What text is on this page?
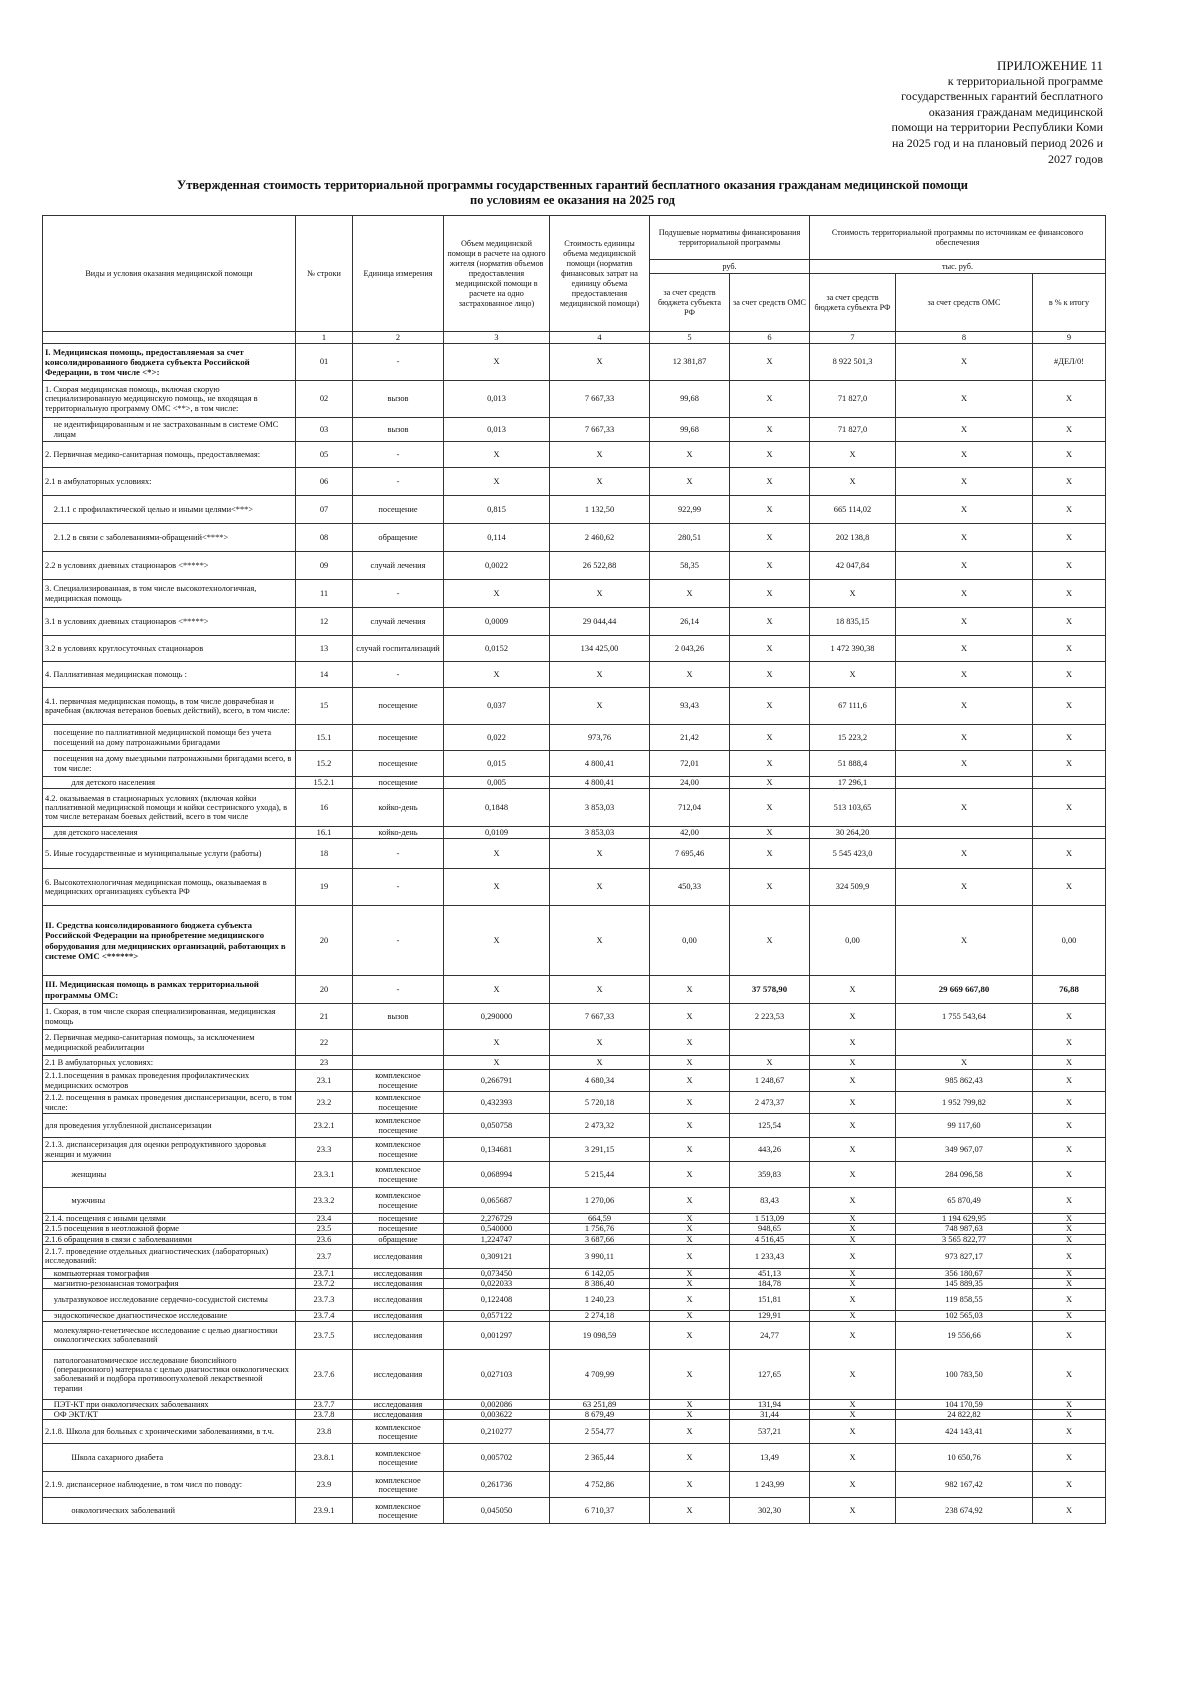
ПРИЛОЖЕНИЕ 11
к территориальной программе
государственных гарантий бесплатного
оказания гражданам медицинской
помощи на территории Республики Коми
на 2025 год и на плановый период 2026 и
2027 годов
Утвержденная стоимость территориальной программы государственных гарантий бесплатного оказания гражданам медицинской помощи
по условиям ее оказания на 2025 год
Виды и условия оказания медицинской помощи	№ строки	Единица измерения	Объем медицинской помощи в расчете на одного жителя (норматив объемов предоставления медицинской помощи в расчете на одно застрахованное лицо)	Стоимость единицы объема медицинской помощи (норматив финансовых затрат на единицу объема предоставления медицинской помощи)	Подушевые нормативы финансирования территориальной программы		Стоимость территориальной программы по источникам ее финансового обеспечения		
					руб.		тыс. руб.		
					за счет средств бюджета субъекта РФ	за счет средств ОМС	за счет средств бюджета субъекта РФ	за счет средств ОМС	в % к итогу
	1	2	3	4	5	6	7	8	9
I. Медицинская помощь, предоставляемая за счет консолидированного бюджета субъекта Российской Федерации, в том числе <*>:	01	-	X	X	12 381,87	X	8 922 501,3	X	#ДЕЛ/0!
1. Скорая медицинская помощь, включая скорую специализированную медицинскую помощь, не входящая в территориальную программу ОМС <**>, в том числе:	02	вызов	0,013	7 667,33	99,68	X	71 827,0	X	X
не идентифицированным и не застрахованным в системе ОМС лицам	03	вызов	0,013	7 667,33	99,68	X	71 827,0	X	X
2. Первичная медико-санитарная помощь, предоставляемая:	05	-	X	X	X	X	X	X	X
2.1 в амбулаторных условиях:	06	-	X	X	X	X	X	X	X
2.1.1 с профилактической целью и иными целями<***>	07	посещение	0,815	1 132,50	922,99	X	665 114,02	X	X
2.1.2 в связи с заболеваниями-обращений<****>	08	обращение	0,114	2 460,62	280,51	X	202 138,8	X	X
2.2 в условиях дневных стационаров <*****>	09	случай лечения	0,0022	26 522,88	58,35	X	42 047,84	X	X
3. Специализированная, в том числе высокотехнологичная, медицинская помощь	11	-	X	X	X	X	X	X	X
3.1 в условиях дневных стационаров <*****>	12	случай лечения	0,0009	29 044,44	26,14	X	18 835,15	X	X
3.2 в условиях круглосуточных стационаров	13	случай госпитализаций	0,0152	134 425,00	2 043,26	X	1 472 390,38	X	X
4. Паллиативная медицинская помощь :	14	-	X	X	X	X	X	X	X
4.1. первичная медицинская помощь, в том числе доврачебная и врачебная (включая ветеранов боевых действий), всего, в том числе:	15	посещение	0,037	X	93,43	X	67 111,6	X	X
посещение по паллиативной медицинской помощи без учета посещений на дому патронажными бригадами	15.1	посещение	0,022	973,76	21,42	X	15 223,2	X	X
посещения на дому выездными патронажными бригадами всего, в том числе:	15.2	посещение	0,015	4 800,41	72,01	X	51 888,4	X	X
для детского населения	15.2.1	посещение	0,005	4 800,41	24,00	X	17 296,1		
4.2. оказываемая в стационарных условиях (включая койки паллиативной медицинской помощи и койки сестринского ухода), в том числе ветеранам боевых действий, всего в том числе	16	койко-день	0,1848	3 853,03	712,04	X	513 103,65	X	X
для детского населения	16.1	койко-день	0,0109	3 853,03	42,00	X	30 264,20		
5. Иные государственные и муниципальные услуги (работы)	18	-	X	X	7 695,46	X	5 545 423,0	X	X
6. Высокотехнологичная медицинская помощь, оказываемая в медицинских организациях субъекта РФ	19	-	X	X	450,33	X	324 509,9	X	X
II. Средства консолидированного бюджета субъекта Российской Федерации на приобретение медицинского оборудования для медицинских организаций, работающих в системе ОМС <******>	20	-	X	X	0,00	X	0,00	X	0,00
III. Медицинская помощь в рамках территориальной программы ОМС:	20	-	X	X	X	37 578,90	X	29 669 667,80	76,88
1. Скорая, в том числе скорая специализированная, медицинская помощь	21	вызов	0,290000	7 667,33	X	2 223,53	X	1 755 543,64	X
2. Первичная медико-санитарная помощь, за исключением медицинской реабилитации	22		X	X	X		X		X
2.1 В амбулаторных условиях:	23		X	X	X	X	X	X	X
2.1.1.посещения в рамках проведения профилактических медицинских осмотров	23.1	комплексное посещение	0,266791	4 680,34	X	1 248,67	X	985 862,43	X
2.1.2. посещения в рамках проведения диспансеризации, всего, в том числе:	23.2	комплексное посещение	0,432393	5 720,18	X	2 473,37	X	1 952 799,82	X
для проведения углубленной диспансеризации	23.2.1	комплексное посещение	0,050758	2 473,32	X	125,54	X	99 117,60	X
2.1.3. диспансеризация для оценки репродуктивного здоровья женщин и мужчин	23.3	комплексное посещение	0,134681	3 291,15	X	443,26	X	349 967,07	X
женщины	23.3.1	комплексное посещение	0,068994	5 215,44	X	359,83	X	284 096,58	X
мужчины	23.3.2	комплексное посещение	0,065687	1 270,06	X	83,43	X	65 870,49	X
2.1.4. посещения с иными целями	23.4	посещение	2,276729	664,59	X	1 513,09	X	1 194 629,95	X
2.1.5 посещения в неотложной форме	23.5	посещение	0,540000	1 756,76	X	948,65	X	748 987,63	X
2.1.6 обращения в связи с заболеваниями	23.6	обращение	1,224747	3 687,66	X	4 516,45	X	3 565 822,77	X
2.1.7. проведение отдельных диагностических (лабораторных) исследований:	23.7	исследования	0,309121	3 990,11	X	1 233,43	X	973 827,17	X
компьютерная томография	23.7.1	исследования	0,073450	6 142,05	X	451,13	X	356 180,67	X
магнитно-резонансная томография	23.7.2	исследования	0,022033	8 386,40	X	184,78	X	145 889,35	X
ультразвуковое исследование сердечно-сосудистой системы	23.7.3	исследования	0,122408	1 240,23	X	151,81	X	119 858,55	X
эндоскопическое диагностическое исследование	23.7.4	исследования	0,057122	2 274,18	X	129,91	X	102 565,03	X
молекулярно-генетическое исследование с целью диагностики онкологических заболеваний	23.7.5	исследования	0,001297	19 098,59	X	24,77	X	19 556,66	X
патологоанатомическое исследование биопсийного (операционного) материала с целью диагностики онкологических заболеваний и подбора противоопухолевой лекарственной терапии	23.7.6	исследования	0,027103	4 709,99	X	127,65	X	100 783,50	X
ПЭТ-КТ при онкологических заболеваниях	23.7.7	исследования	0,002086	63 251,89	X	131,94	X	104 170,59	X
ОФ ЭКТ/КТ	23.7.8	исследования	0,003622	8 679,49	X	31,44	X	24 822,82	X
2.1.8. Школа для больных с хроническими заболеваниями, в т.ч.	23.8	комплексное посещение	0,210277	2 554,77	X	537,21	X	424 143,41	X
Школа сахарного диабета	23.8.1	комплексное посещение	0,005702	2 365,44	X	13,49	X	10 650,76	X
2.1.9. диспансерное наблюдение, в том числ по поводу:	23.9	комплексное посещение	0,261736	4 752,86	X	1 243,99	X	982 167,42	X
онкологических заболеваний	23.9.1	комплексное посещение	0,045050	6 710,37	X	302,30	X	238 674,92	X
